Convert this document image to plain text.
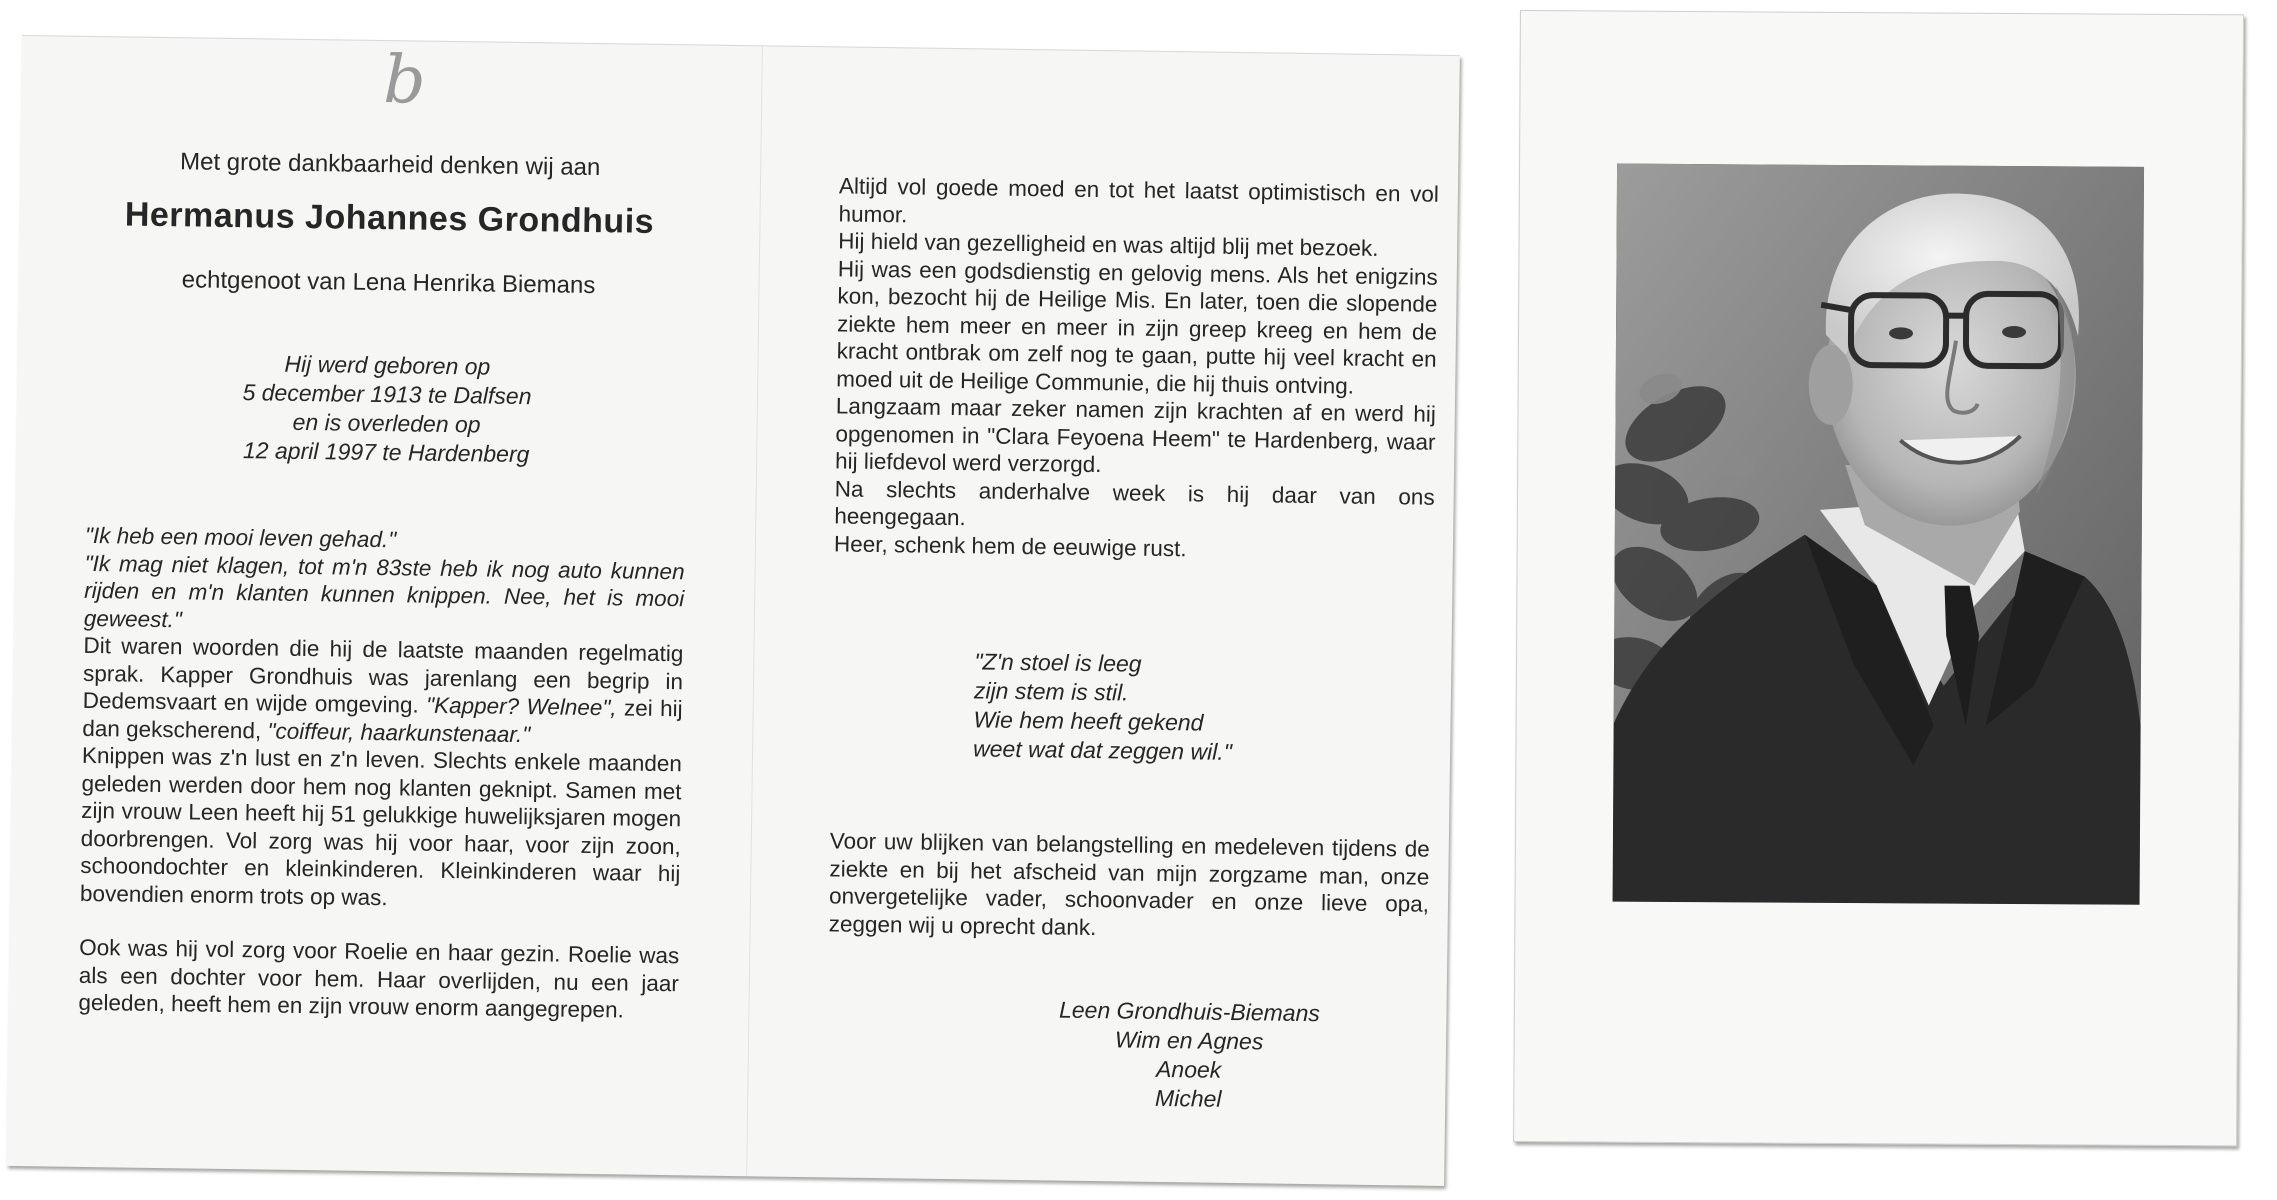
b
Met grote dankbaarheid denken wij aan
Hermanus Johannes Grondhuis
echtgenoot van Lena Henrika Biemans
Hij werd geboren op
5 december 1913 te Dalfsen
en is overleden op
12 april 1997 te Hardenberg

"Ik heb een mooi leven gehad."
"Ik mag niet klagen, tot m'n 83ste heb ik nog auto kunnen rijden en m'n klanten kunnen knippen. Nee, het is mooi geweest."
Dit waren woorden die hij de laatste maanden regelmatig sprak. Kapper Grondhuis was jarenlang een begrip in Dedemsvaart en wijde omgeving. "Kapper? Welnee", zei hij dan gekscherend, "coiffeur, haarkunstenaar."
Knippen was z'n lust en z'n leven. Slechts enkele maanden geleden werden door hem nog klanten geknipt. Samen met zijn vrouw Leen heeft hij 51 gelukkige huwelijksjaren mogen doorbrengen. Vol zorg was hij voor haar, voor zijn zoon, schoondochter en kleinkinderen. Kleinkinderen waar hij bovendien enorm trots op was.

Ook was hij vol zorg voor Roelie en haar gezin. Roelie was als een dochter voor hem. Haar overlijden, nu een jaar geleden, heeft hem en zijn vrouw enorm aangegrepen.

Altijd vol goede moed en tot het laatst optimistisch en vol humor.

Hij hield van gezelligheid en was altijd blij met bezoek.

Hij was een godsdienstig en gelovig mens. Als het enigzins kon, bezocht hij de Heilige Mis. En later, toen die slopende ziekte hem meer en meer in zijn greep kreeg en hem de kracht ontbrak om zelf nog te gaan, putte hij veel kracht en moed uit de Heilige Communie, die hij thuis ontving.

Langzaam maar zeker namen zijn krachten af en werd hij opgenomen in "Clara Feyoena Heem" te Hardenberg, waar hij liefdevol werd verzorgd.

Na slechts anderhalve week is hij daar van ons heengegaan.

Heer, schenk hem de eeuwige rust.

"Z'n stoel is leeg
zijn stem is stil.
Wie hem heeft gekend
weet wat dat zeggen wil."
Voor uw blijken van belangstelling en medeleven tijdens de ziekte en bij het afscheid van mijn zorgzame man, onze onvergetelijke vader, schoonvader en onze lieve opa, zeggen wij u oprecht dank.
Leen Grondhuis-Biemans
Wim en Agnes
Anoek
Michel
